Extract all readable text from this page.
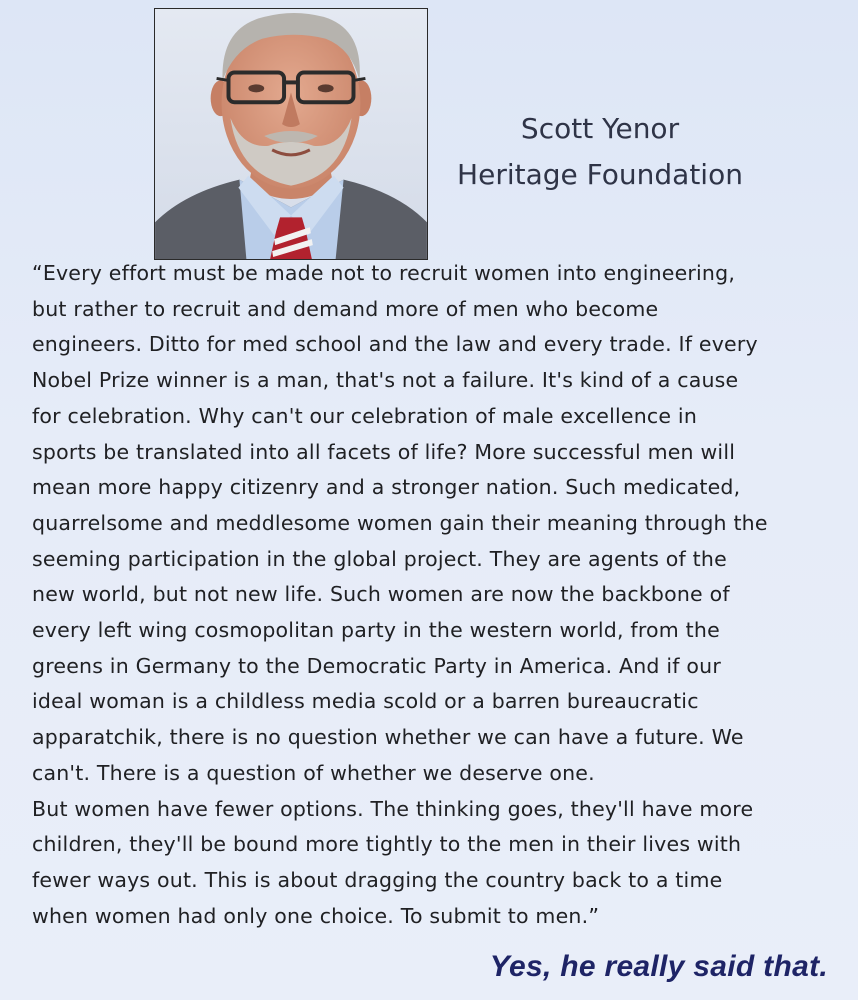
Scott Yenor
Heritage Foundation

“Every effort must be made not to recruit women into engineering,
but rather to recruit and demand more of men who become
engineers. Ditto for med school and the law and every trade. If every
Nobel Prize winner is a man, that's not a failure. It's kind of a cause
for celebration. Why can't our celebration of male excellence in
sports be translated into all facets of life? More successful men will
mean more happy citizenry and a stronger nation. Such medicated,
quarrelsome and meddlesome women gain their meaning through the
seeming participation in the global project. They are agents of the
new world, but not new life. Such women are now the backbone of
every left wing cosmopolitan party in the western world, from the
greens in Germany to the Democratic Party in America. And if our
ideal woman is a childless media scold or a barren bureaucratic
apparatchik, there is no question whether we can have a future. We
can't. There is a question of whether we deserve one.
But women have fewer options. The thinking goes, they'll have more
children, they'll be bound more tightly to the men in their lives with
fewer ways out. This is about dragging the country back to a time
when women had only one choice. To submit to men.”

Yes, he really said that.
